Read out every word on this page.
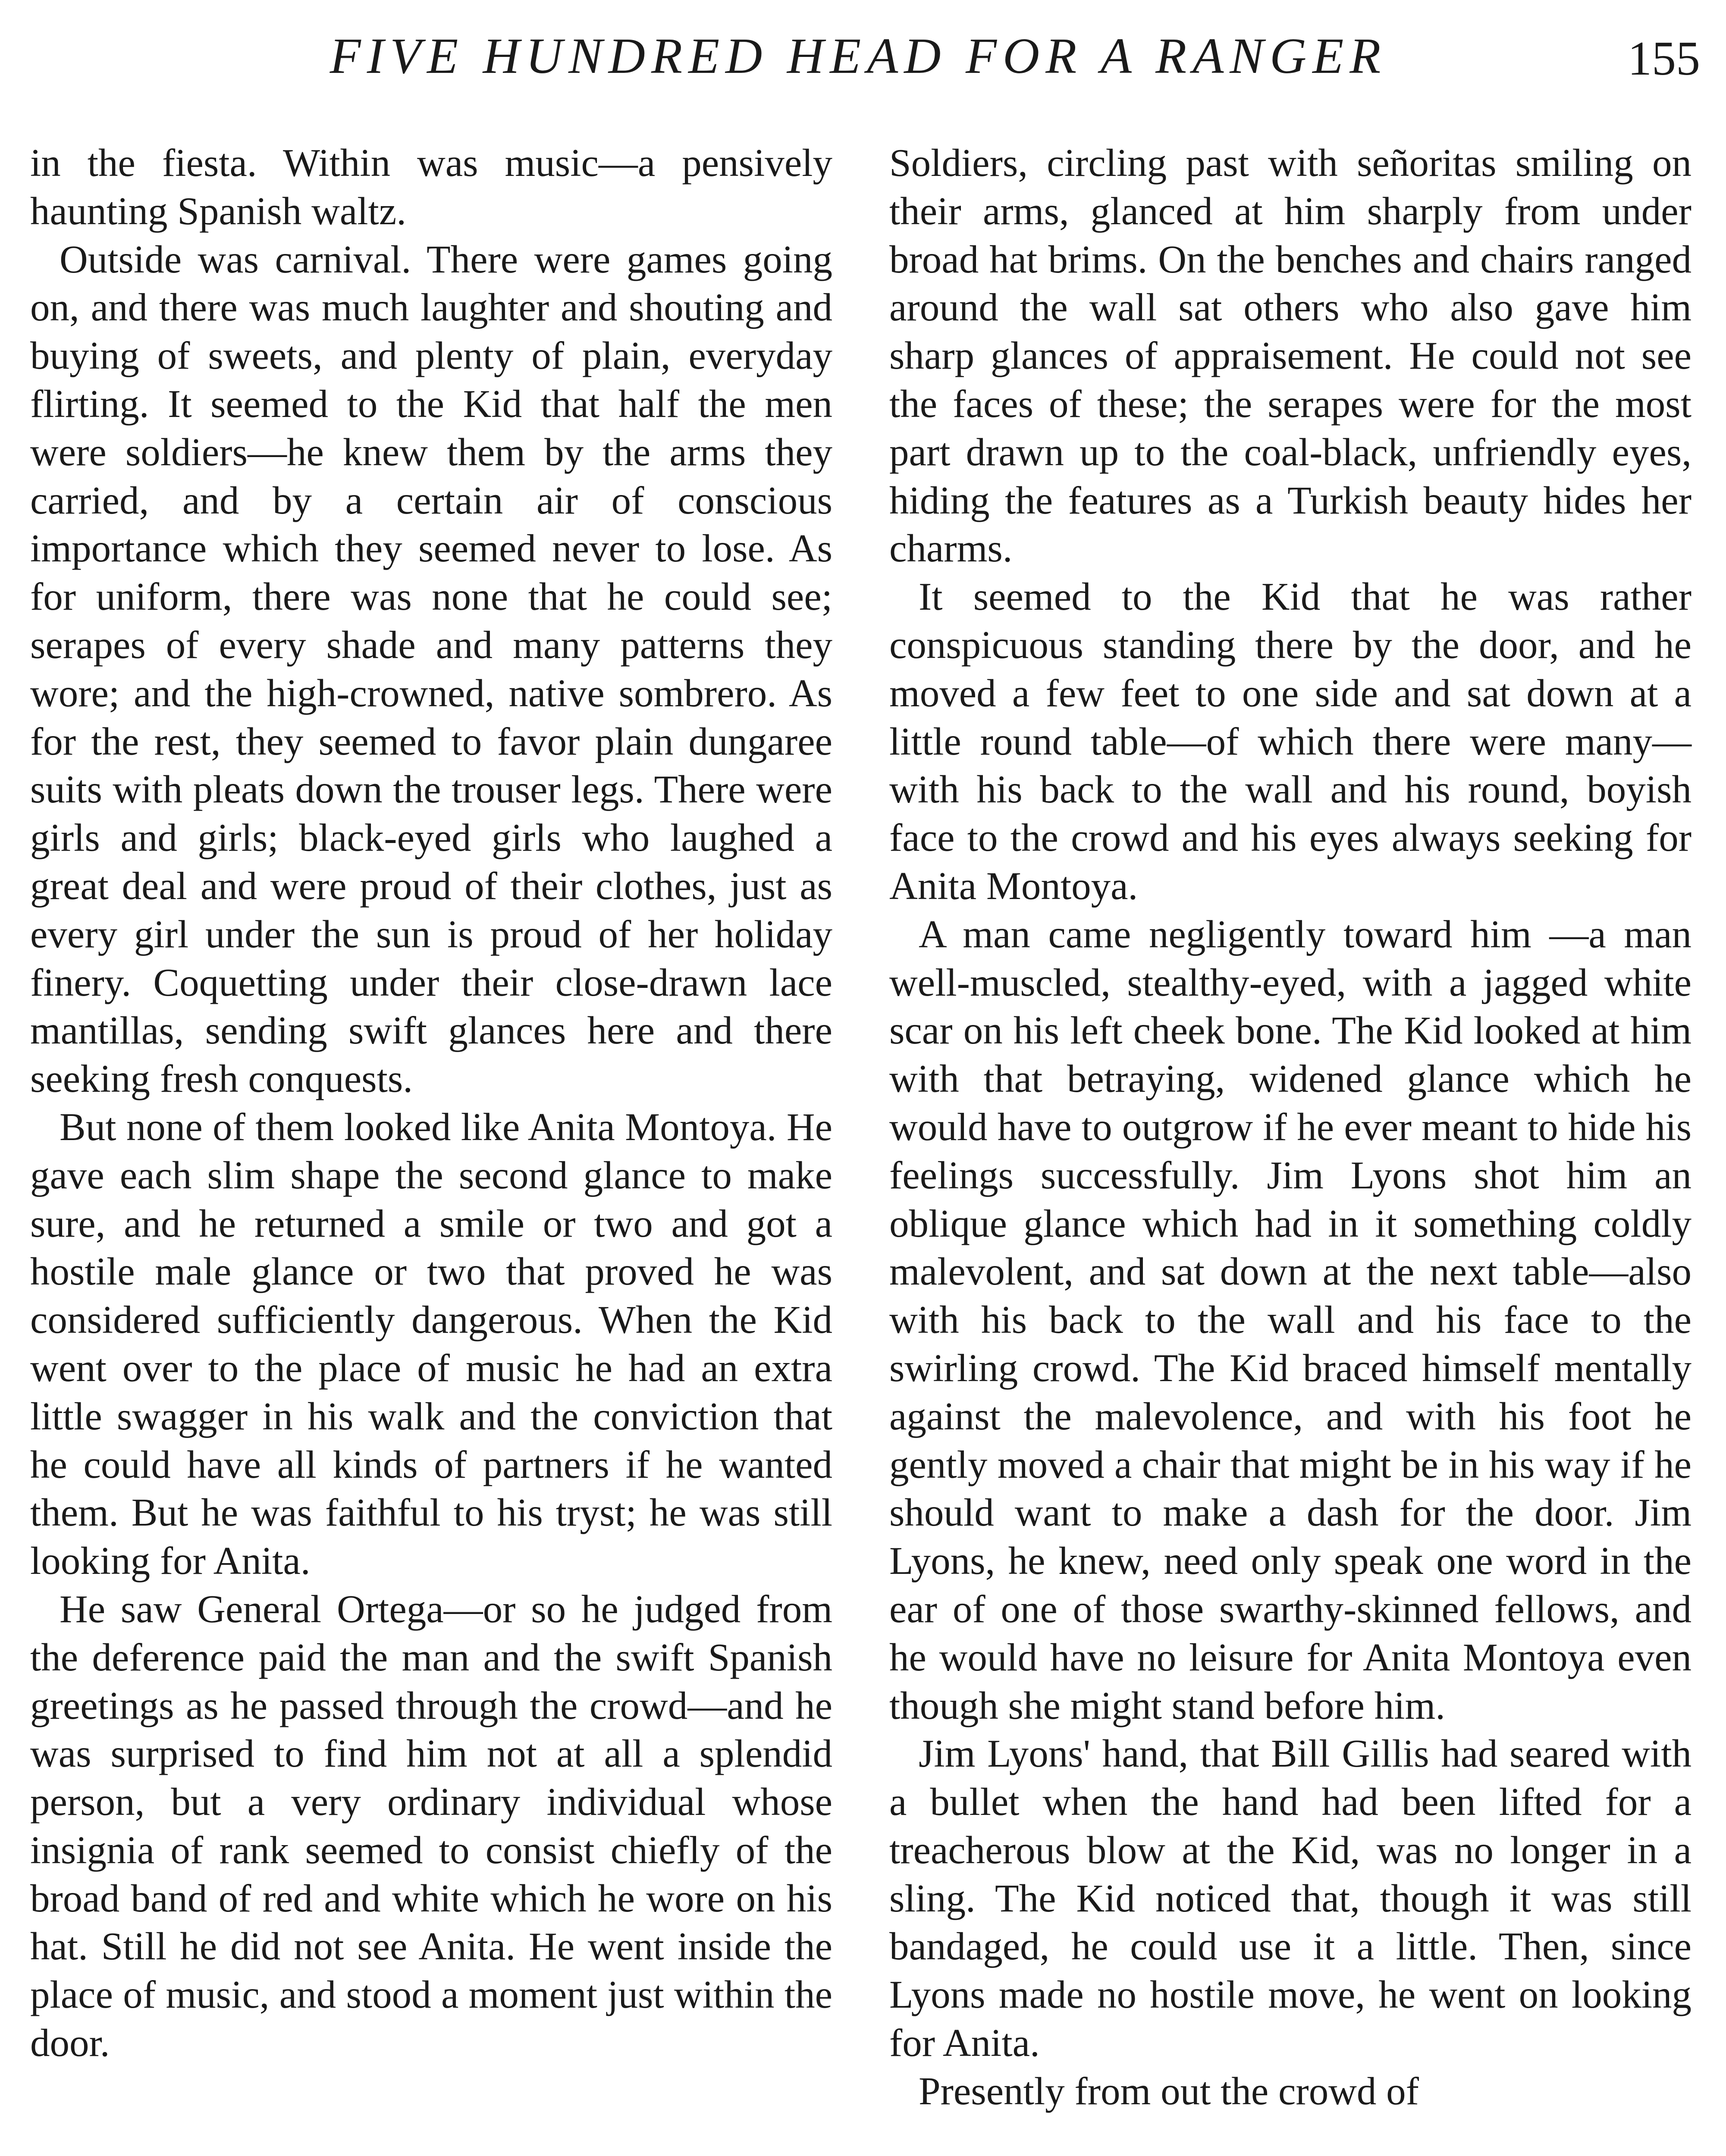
FIVE HUNDRED HEAD FOR A RANGER	155

in the fiesta. Within was music—a pensively haunting Spanish waltz.

Outside was carnival. There were games going on, and there was much laughter and shouting and buying of sweets, and plenty of plain, everyday flirting. It seemed to the Kid that half the men were soldiers—he knew them by the arms they carried, and by a certain air of conscious importance which they seemed never to lose. As for uniform, there was none that he could see; serapes of every shade and many patterns they wore; and the high-crowned, native sombrero. As for the rest, they seemed to favor plain dungaree suits with pleats down the trouser legs. There were girls and girls; black-eyed girls who laughed a great deal and were proud of their clothes, just as every girl under the sun is proud of her holiday finery. Coquetting under their close-drawn lace mantillas, sending swift glances here and there seeking fresh conquests.

But none of them looked like Anita Montoya. He gave each slim shape the second glance to make sure, and he returned a smile or two and got a hostile male glance or two that proved he was considered sufficiently dangerous. When the Kid went over to the place of music he had an extra little swagger in his walk and the conviction that he could have all kinds of partners if he wanted them. But he was faithful to his tryst; he was still looking for Anita.

He saw General Ortega—or so he judged from the deference paid the man and the swift Spanish greetings as he passed through the crowd—and he was surprised to find him not at all a splendid person, but a very ordinary individual whose insignia of rank seemed to consist chiefly of the broad band of red and white which he wore on his hat. Still he did not see Anita. He went inside the place of music, and stood a moment just within the door.

Soldiers, circling past with señoritas smiling on their arms, glanced at him sharply from under broad hat brims. On the benches and chairs ranged around the wall sat others who also gave him sharp glances of appraisement. He could not see the faces of these; the serapes were for the most part drawn up to the coal-black, unfriendly eyes, hiding the features as a Turkish beauty hides her charms.

It seemed to the Kid that he was rather conspicuous standing there by the door, and he moved a few feet to one side and sat down at a little round table—of which there were many—with his back to the wall and his round, boyish face to the crowd and his eyes always seeking for Anita Montoya.

A man came negligently toward him —a man well-muscled, stealthy-eyed, with a jagged white scar on his left cheek bone. The Kid looked at him with that betraying, widened glance which he would have to outgrow if he ever meant to hide his feelings successfully. Jim Lyons shot him an oblique glance which had in it something coldly malevolent, and sat down at the next table—also with his back to the wall and his face to the swirling crowd. The Kid braced himself mentally against the malevolence, and with his foot he gently moved a chair that might be in his way if he should want to make a dash for the door. Jim Lyons, he knew, need only speak one word in the ear of one of those swarthy-skinned fellows, and he would have no leisure for Anita Montoya even though she might stand before him.

Jim Lyons' hand, that Bill Gillis had seared with a bullet when the hand had been lifted for a treacherous blow at the Kid, was no longer in a sling. The Kid noticed that, though it was still bandaged, he could use it a little. Then, since Lyons made no hostile move, he went on looking for Anita.

Presently from out the crowd of
